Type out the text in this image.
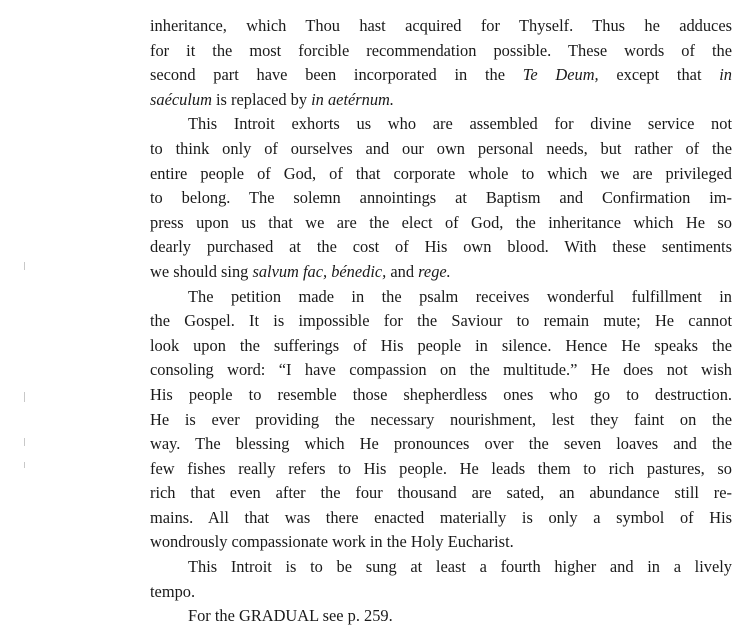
inheritance, which Thou hast acquired for Thyself. Thus he adduces
for it the most forcible recommendation possible. These words of the
second part have been incorporated in the Te Deum, except that in
saéculum is replaced by in aetérnum.
This Introit exhorts us who are assembled for divine service not
to think only of ourselves and our own personal needs, but rather of the
entire people of God, of that corporate whole to which we are privileged
to belong. The solemn annointings at Baptism and Confirmation im-
press upon us that we are the elect of God, the inheritance which He so
dearly purchased at the cost of His own blood. With these sentiments
we should sing salvum fac, bénedic, and rege.
The petition made in the psalm receives wonderful fulfillment in
the Gospel. It is impossible for the Saviour to remain mute; He cannot
look upon the sufferings of His people in silence. Hence He speaks the
consoling word: “I have compassion on the multitude.” He does not wish
His people to resemble those shepherdless ones who go to destruction.
He is ever providing the necessary nourishment, lest they faint on the
way. The blessing which He pronounces over the seven loaves and the
few fishes really refers to His people. He leads them to rich pastures, so
rich that even after the four thousand are sated, an abundance still re-
mains. All that was there enacted materially is only a symbol of His
wondrously compassionate work in the Holy Eucharist.
This Introit is to be sung at least a fourth higher and in a lively
tempo.
For the GRADUAL see p. 259.
